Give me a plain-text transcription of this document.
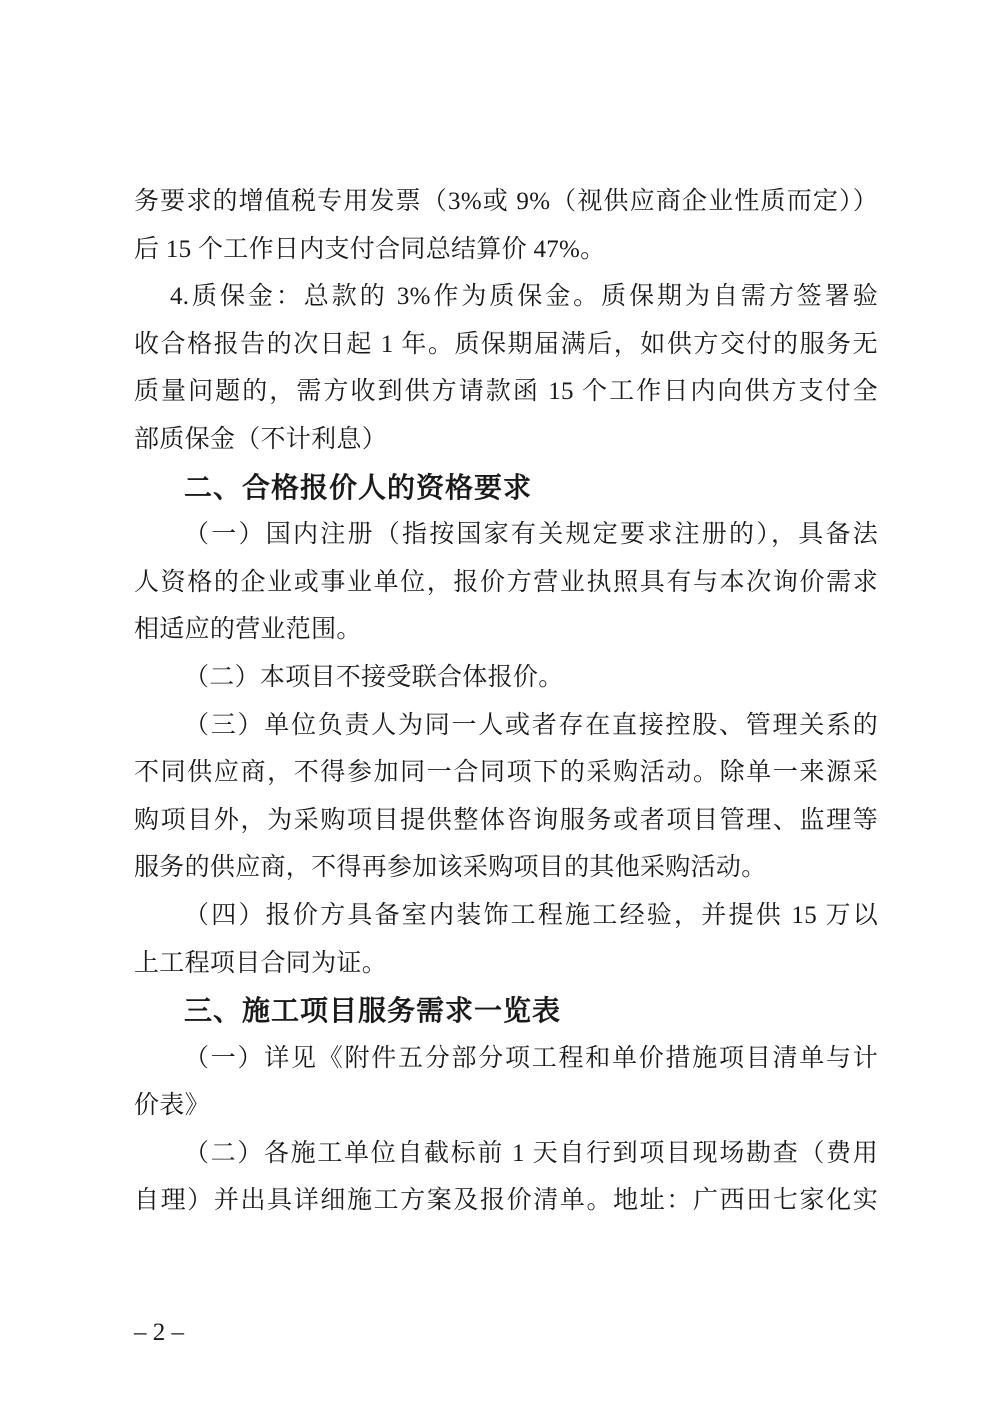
务要求的增值税专用发票（3%或 9%（视供应商企业性质而定））
后 15 个工作日内支付合同总结算价 47%。
4.质保金：总款的 3%作为质保金。质保期为自需方签署验
收合格报告的次日起 1 年。质保期届满后，如供方交付的服务无
质量问题的，需方收到供方请款函 15 个工作日内向供方支付全
部质保金（不计利息）
二、合格报价人的资格要求
（一）国内注册（指按国家有关规定要求注册的），具备法
人资格的企业或事业单位，报价方营业执照具有与本次询价需求
相适应的营业范围。
（二）本项目不接受联合体报价。
（三）单位负责人为同一人或者存在直接控股、管理关系的
不同供应商，不得参加同一合同项下的采购活动。除单一来源采
购项目外，为采购项目提供整体咨询服务或者项目管理、监理等
服务的供应商，不得再参加该采购项目的其他采购活动。
（四）报价方具备室内装饰工程施工经验，并提供 15 万以
上工程项目合同为证。
三、施工项目服务需求一览表
（一）详见《附件五分部分项工程和单价措施项目清单与计
价表》
（二）各施工单位自截标前 1 天自行到项目现场勘查（费用
自理）并出具详细施工方案及报价清单。地址：广西田七家化实
– 2 –
